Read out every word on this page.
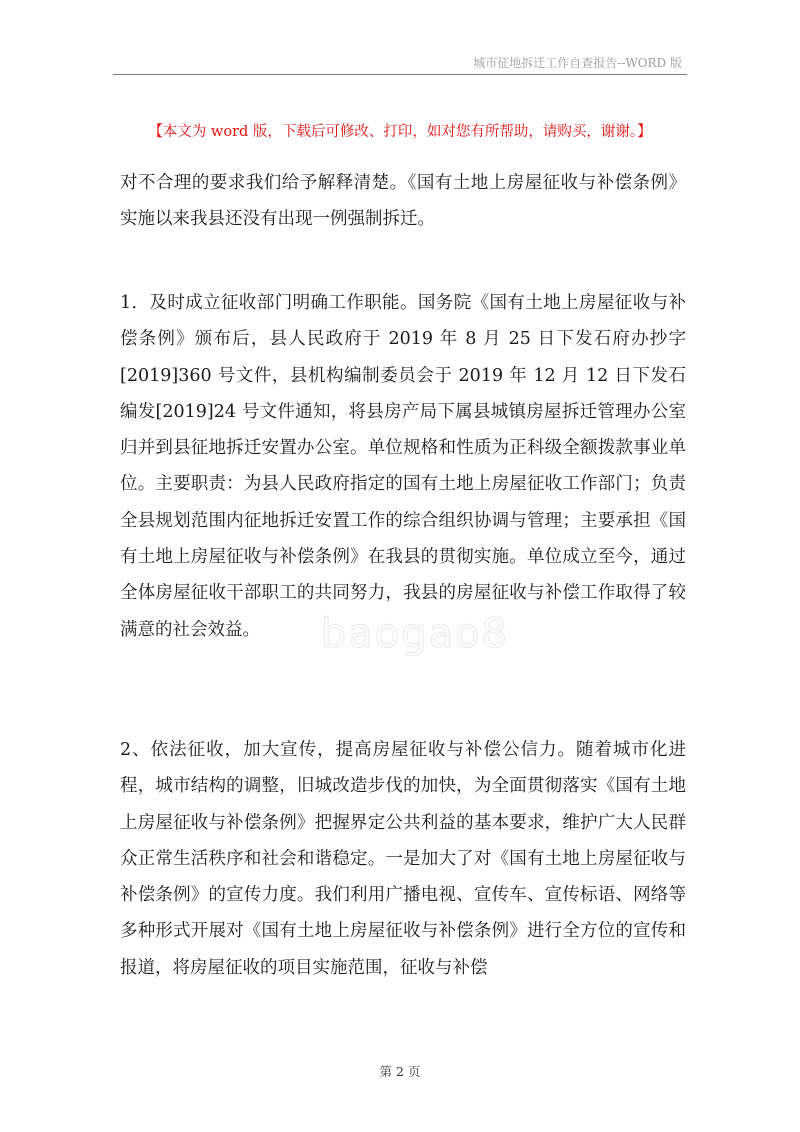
城市征地拆迁工作自查报告--WORD 版
【本文为 word 版，下载后可修改、打印，如对您有所帮助，请购买，谢谢。】

对不合理的要求我们给予解释清楚。《国有土地上房屋征收与补偿条例》实施以来我县还没有出现一例强制拆迁。

1．及时成立征收部门明确工作职能。国务院《国有土地上房屋征收与补偿条例》颁布后，县人民政府于 2019 年 8 月 25 日下发石府办抄字[2019]360 号文件，县机构编制委员会于 2019 年 12 月 12 日下发石编发[2019]24 号文件通知，将县房产局下属县城镇房屋拆迁管理办公室归并到县征地拆迁安置办公室。单位规格和性质为正科级全额拨款事业单位。主要职责：为县人民政府指定的国有土地上房屋征收工作部门；负责全县规划范围内征地拆迁安置工作的综合组织协调与管理；主要承担《国有土地上房屋征收与补偿条例》在我县的贯彻实施。单位成立至今，通过全体房屋征收干部职工的共同努力，我县的房屋征收与补偿工作取得了较满意的社会效益。

2、依法征收，加大宣传，提高房屋征收与补偿公信力。随着城市化进程，城市结构的调整，旧城改造步伐的加快，为全面贯彻落实《国有土地上房屋征收与补偿条例》把握界定公共利益的基本要求，维护广大人民群众正常生活秩序和社会和谐稳定。一是加大了对《国有土地上房屋征收与补偿条例》的宣传力度。我们利用广播电视、宣传车、宣传标语、网络等多种形式开展对《国有土地上房屋征收与补偿条例》进行全方位的宣传和报道，将房屋征收的项目实施范围，征收与补偿

baogao8
第 2 页
